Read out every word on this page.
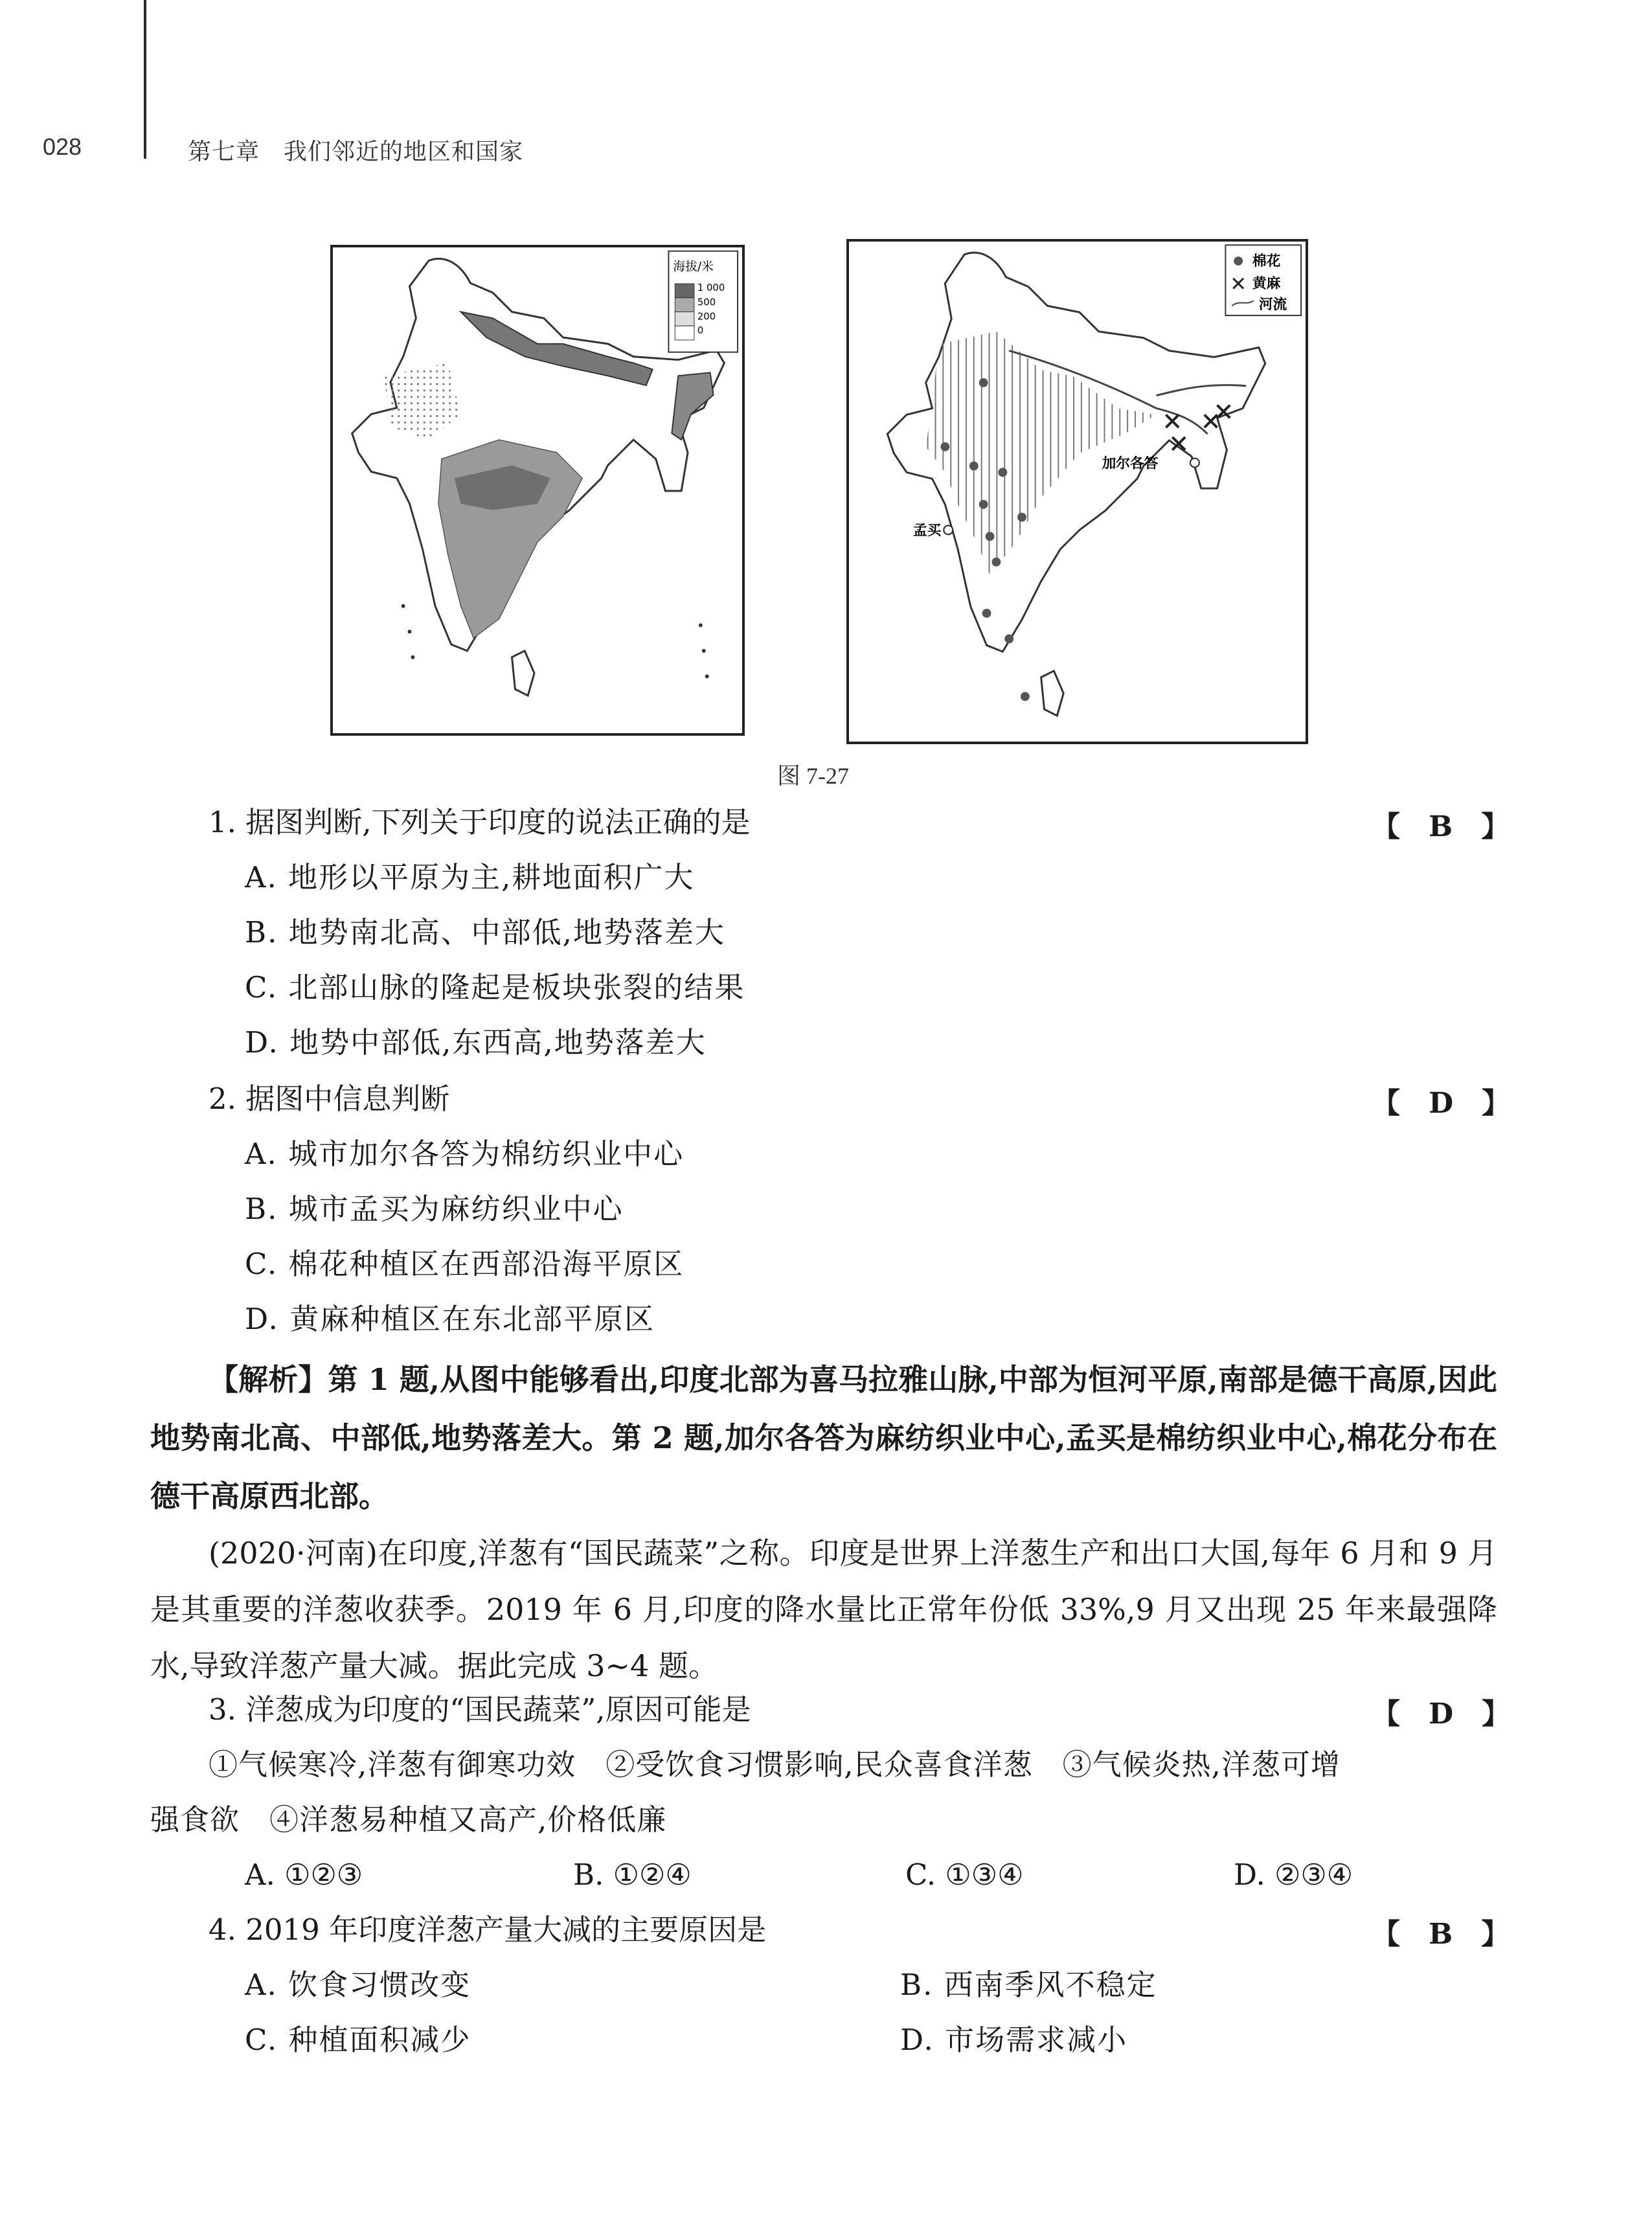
028	第七章　我们邻近的地区和国家
海拔/米
1 000
500
200
0
加尔各答
孟买
棉花
黄麻
河流
图 7-27
1. 据图判断,下列关于印度的说法正确的是	【　B　】
A. 地形以平原为主,耕地面积广大
B. 地势南北高、中部低,地势落差大
C. 北部山脉的隆起是板块张裂的结果
D. 地势中部低,东西高,地势落差大
2. 据图中信息判断	【　D　】
A. 城市加尔各答为棉纺织业中心
B. 城市孟买为麻纺织业中心
C. 棉花种植区在西部沿海平原区
D. 黄麻种植区在东北部平原区
【解析】第 1 题,从图中能够看出,印度北部为喜马拉雅山脉,中部为恒河平原,南部是德干高原,因此地势南北高、中部低,地势落差大。第 2 题,加尔各答为麻纺织业中心,孟买是棉纺织业中心,棉花分布在德干高原西北部。
(2020·河南)在印度,洋葱有“国民蔬菜”之称。印度是世界上洋葱生产和出口大国,每年 6 月和 9 月是其重要的洋葱收获季。2019 年 6 月,印度的降水量比正常年份低 33%,9 月又出现 25 年来最强降水,导致洋葱产量大减。据此完成 3~4 题。
3. 洋葱成为印度的“国民蔬菜”,原因可能是	【　D　】
①气候寒冷,洋葱有御寒功效　②受饮食习惯影响,民众喜食洋葱　③气候炎热,洋葱可增
强食欲　④洋葱易种植又高产,价格低廉
A. ①②③	B. ①②④	C. ①③④	D. ②③④
4. 2019 年印度洋葱产量大减的主要原因是	【　B　】
A. 饮食习惯改变	B. 西南季风不稳定
C. 种植面积减少	D. 市场需求减小
